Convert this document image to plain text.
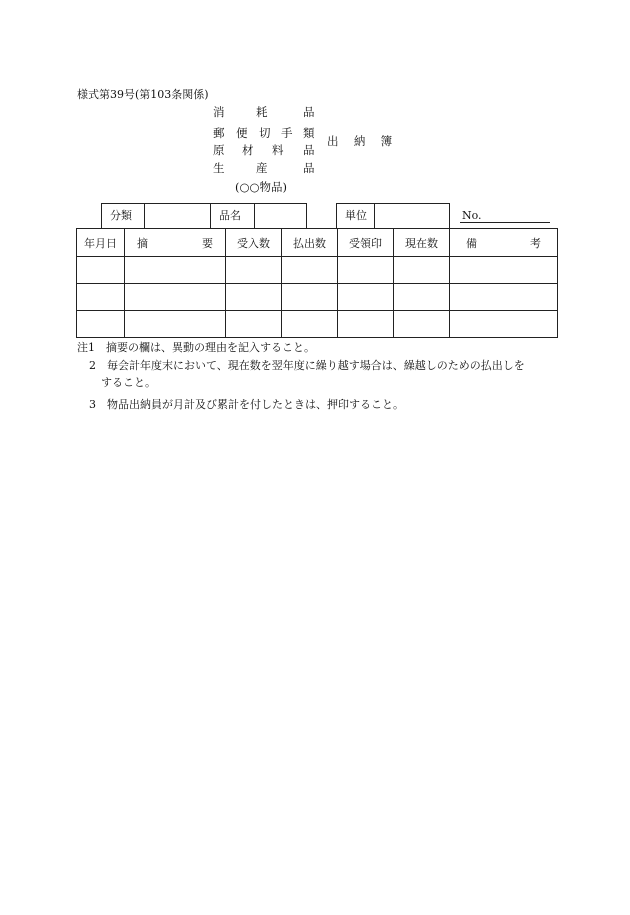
様式第39号(第103条関係)
消	耗	品
郵 便 切 手 類
原 材 料 品
生	産	品
出 納 簿
(○○物品)
分類	品名	単位	No.
年月日	摘 要	受入数	払出数	受領印	現在数	備 考

注1　摘要の欄は、異動の理由を記入すること。
2　毎会計年度末において、現在数を翌年度に繰り越す場合は、繰越しのための払出しを
すること。
3　物品出納員が月計及び累計を付したときは、押印すること。
